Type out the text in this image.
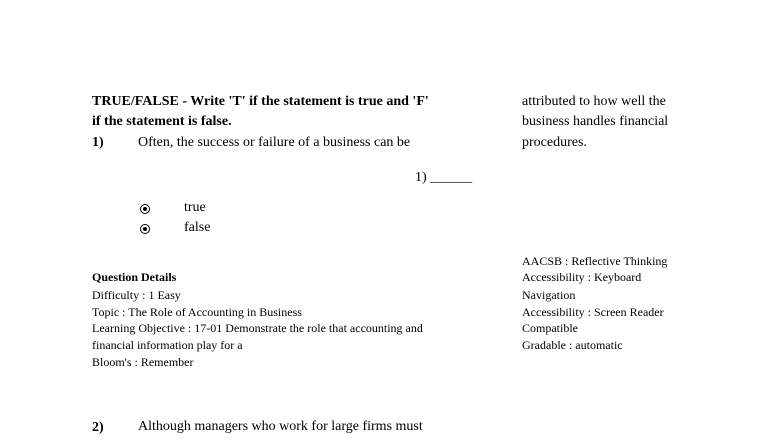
TRUE/FALSE - Write 'T' if the statement is true and 'F'
if the statement is false.
1) Often, the success or failure of a business can be
attributed to how well the
business handles financial
procedures.
1) ______
true
false
Question Details
Difficulty : 1 Easy
Topic : The Role of Accounting in Business
Learning Objective : 17-01 Demonstrate the role that accounting and
financial information play for a
Bloom's : Remember
AACSB : Reflective Thinking
Accessibility : Keyboard
Navigation
Accessibility : Screen Reader
Compatible
Gradable : automatic
2) Although managers who work for large firms must
